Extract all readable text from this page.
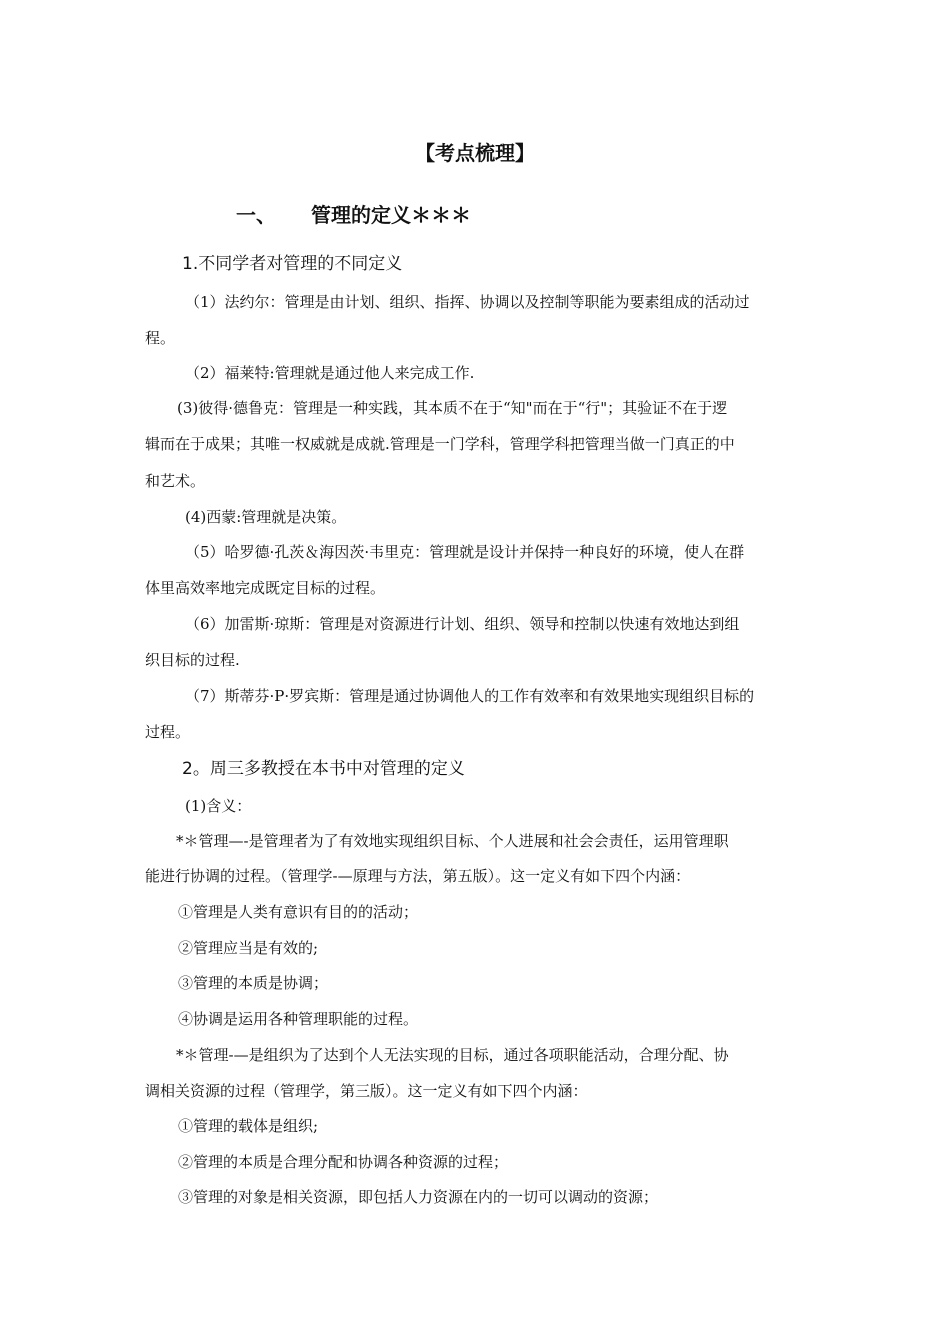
【考点梳理】
一、 管理的定义＊＊＊
1.不同学者对管理的不同定义
（1）法约尔：管理是由计划、组织、指挥、协调以及控制等职能为要素组成的活动过
程。
（2）福莱特:管理就是通过他人来完成工作.
(3)彼得·德鲁克：管理是一种实践，其本质不在于“知"而在于“行"；其验证不在于逻
辑而在于成果；其唯一权威就是成就.管理是一门学科，管理学科把管理当做一门真正的中
和艺术。
(4)西蒙:管理就是决策。
（5）哈罗德·孔茨＆海因茨·韦里克：管理就是设计并保持一种良好的环境，使人在群
体里高效率地完成既定目标的过程。
（6）加雷斯·琼斯：管理是对资源进行计划、组织、领导和控制以快速有效地达到组
织目标的过程.
（7）斯蒂芬·P·罗宾斯：管理是通过协调他人的工作有效率和有效果地实现组织目标的
过程。
2。周三多教授在本书中对管理的定义
(1)含义：
*＊管理—-是管理者为了有效地实现组织目标、个人进展和社会会责任，运用管理职
能进行协调的过程。（管理学-—原理与方法，第五版）。这一定义有如下四个内涵：
①管理是人类有意识有目的的活动；
②管理应当是有效的;
③管理的本质是协调；
④协调是运用各种管理职能的过程。
*＊管理-—是组织为了达到个人无法实现的目标，通过各项职能活动，合理分配、协
调相关资源的过程（管理学，第三版）。这一定义有如下四个内涵：
①管理的载体是组织;
②管理的本质是合理分配和协调各种资源的过程；
③管理的对象是相关资源，即包括人力资源在内的一切可以调动的资源；
